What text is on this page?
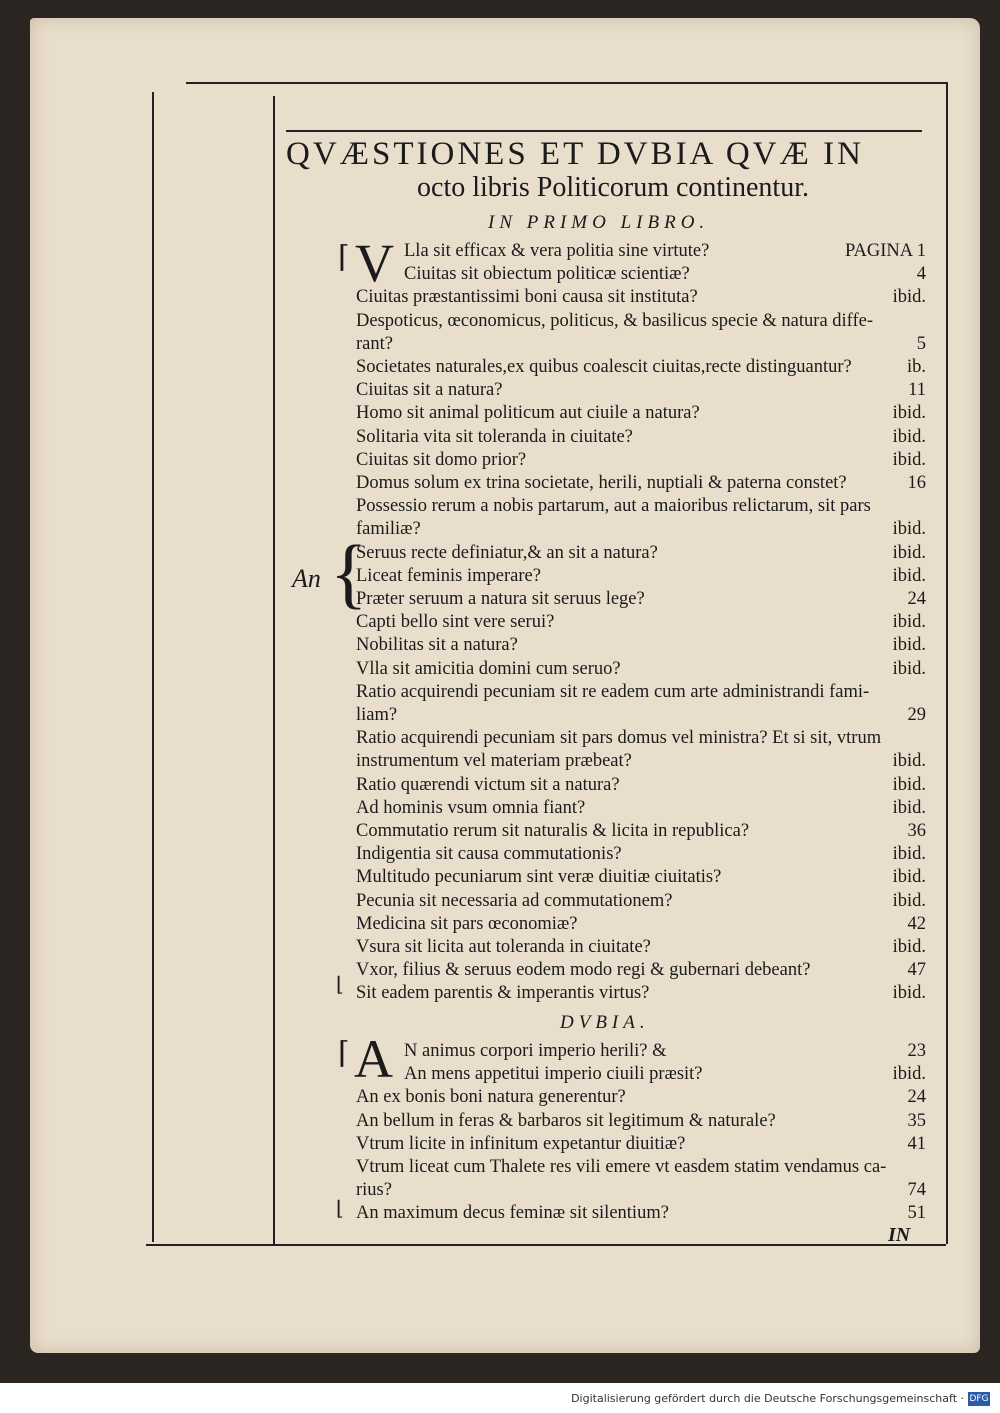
QVÆSTIONES ET DVBIA QVÆ IN
octo libris Politicorum continentur.
IN PRIMO LIBRO.
V
⌈
An {
⌊
Lla sit efficax & vera politia sine virtute?	PAGINA 1
Ciuitas sit obiectum politicæ scientiæ?	4
Ciuitas præstantissimi boni causa sit instituta?	ibid.
Despoticus, œconomicus, politicus, & basilicus specie & natura diffe-
rant?	5
Societates naturales,ex quibus coalescit ciuitas,recte distinguantur?	ib.
Ciuitas sit a natura?	11
Homo sit animal politicum aut ciuile a natura?	ibid.
Solitaria vita sit toleranda in ciuitate?	ibid.
Ciuitas sit domo prior?	ibid.
Domus solum ex trina societate, herili, nuptiali & paterna constet?	16
Possessio rerum a nobis partarum, aut a maioribus relictarum, sit pars
familiæ?	ibid.
Seruus recte definiatur,& an sit a natura?	ibid.
Liceat feminis imperare?	ibid.
Præter seruum a natura sit seruus lege?	24
Capti bello sint vere serui?	ibid.
Nobilitas sit a natura?	ibid.
Vlla sit amicitia domini cum seruo?	ibid.
Ratio acquirendi pecuniam sit re eadem cum arte administrandi fami-
liam?	29
Ratio acquirendi pecuniam sit pars domus vel ministra? Et si sit, vtrum
instrumentum vel materiam præbeat?	ibid.
Ratio quærendi victum sit a natura?	ibid.
Ad hominis vsum omnia fiant?	ibid.
Commutatio rerum sit naturalis & licita in republica?	36
Indigentia sit causa commutationis?	ibid.
Multitudo pecuniarum sint veræ diuitiæ ciuitatis?	ibid.
Pecunia sit necessaria ad commutationem?	ibid.
Medicina sit pars œconomiæ?	42
Vsura sit licita aut toleranda in ciuitate?	ibid.
Vxor, filius & seruus eodem modo regi & gubernari debeant?	47
Sit eadem parentis & imperantis virtus?	ibid.
DVBIA.
A
⌈
⌊
N animus corpori imperio herili? &	23
An mens appetitui imperio ciuili præsit?	ibid.
An ex bonis boni natura generentur?	24
An bellum in feras & barbaros sit legitimum & naturale?	35
Vtrum licite in infinitum expetantur diuitiæ?	41
Vtrum liceat cum Thalete res vili emere vt easdem statim vendamus ca-
rius?	74
An maximum decus feminæ sit silentium?	51
IN
Digitalisierung gefördert durch die Deutsche Forschungsgemeinschaft · DFG
